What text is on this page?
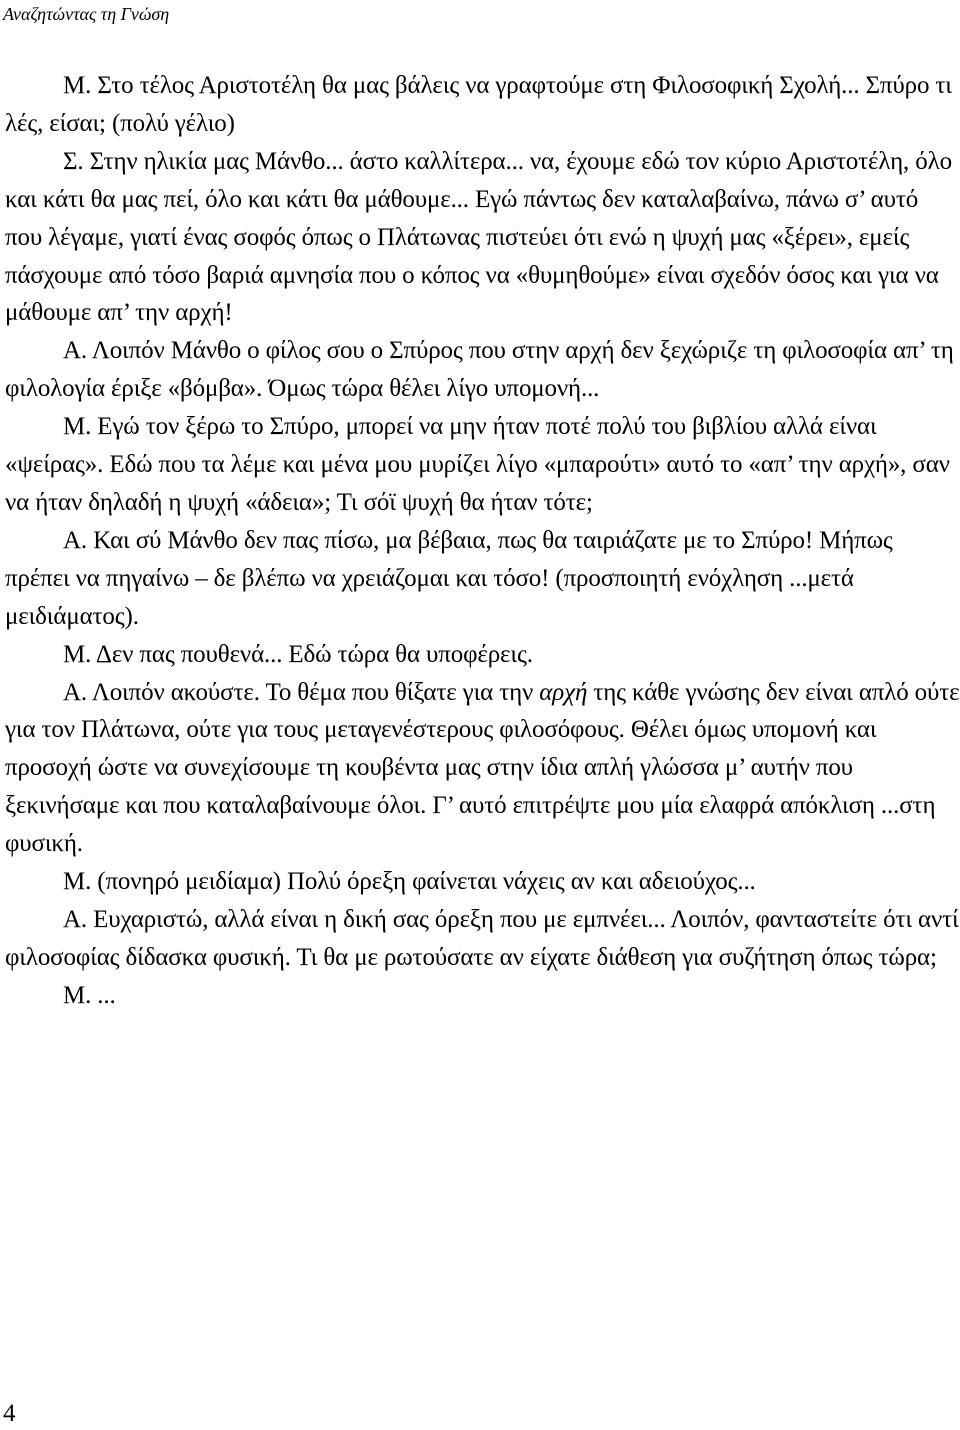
Αναζητώντας τη Γνώση

Μ. Στο τέλος Αριστοτέλη θα μας βάλεις να γραφτούμε στη Φιλοσοφική Σχολή... Σπύρο τι λές, είσαι; (πολύ γέλιο)

Σ. Στην ηλικία μας Μάνθο... άστο καλλίτερα... να, έχουμε εδώ τον κύριο Αριστοτέλη, όλο και κάτι θα μας πεί, όλο και κάτι θα μάθουμε... Εγώ πάντως δεν καταλαβαίνω, πάνω σ’ αυτό που λέγαμε, γιατί ένας σοφός όπως ο Πλάτωνας πιστεύει ότι ενώ η ψυχή μας «ξέρει», εμείς πάσχουμε από τόσο βαριά αμνησία που ο κόπος να «θυμηθούμε» είναι σχεδόν όσος και για να μάθουμε απ’ την αρχή!

Α. Λοιπόν Μάνθο ο φίλος σου ο Σπύρος που στην αρχή δεν ξεχώριζε τη φιλοσοφία απ’ τη φιλολογία έριξε «βόμβα». Όμως τώρα θέλει λίγο υπομονή...

Μ. Εγώ τον ξέρω το Σπύρο, μπορεί να μην ήταν ποτέ πολύ του βιβλίου αλλά είναι «ψείρας». Εδώ που τα λέμε και μένα μου μυρίζει λίγο «μπαρούτι» αυτό το «απ’ την αρχή», σαν να ήταν δηλαδή η ψυχή «άδεια»; Τι σόϊ ψυχή θα ήταν τότε;

Α. Και σύ Μάνθο δεν πας πίσω, μα βέβαια, πως θα ταιριάζατε με το Σπύρο! Μήπως πρέπει να πηγαίνω – δε βλέπω να χρειάζομαι και τόσο! (προσποιητή ενόχληση ...μετά μειδιάματος).

Μ. Δεν πας πουθενά... Εδώ τώρα θα υποφέρεις.

Α. Λοιπόν ακούστε. Το θέμα που θίξατε για την αρχή της κάθε γνώσης δεν είναι απλό ούτε για τον Πλάτωνα, ούτε για τους μεταγενέστερους φιλοσόφους. Θέλει όμως υπομονή και προσοχή ώστε να συνεχίσουμε τη κουβέντα μας στην ίδια απλή γλώσσα μ’ αυτήν που ξεκινήσαμε και που καταλαβαίνουμε όλοι. Γ’ αυτό επιτρέψτε μου μία ελαφρά απόκλιση ...στη φυσική.

Μ. (πονηρό μειδίαμα) Πολύ όρεξη φαίνεται νάχεις αν και αδειούχος...

Α. Ευχαριστώ, αλλά είναι η δική σας όρεξη που με εμπνέει... Λοιπόν, φανταστείτε ότι αντί φιλοσοφίας δίδασκα φυσική. Τι θα με ρωτούσατε αν είχατε διάθεση για συζήτηση όπως τώρα;

Μ. ...

4
